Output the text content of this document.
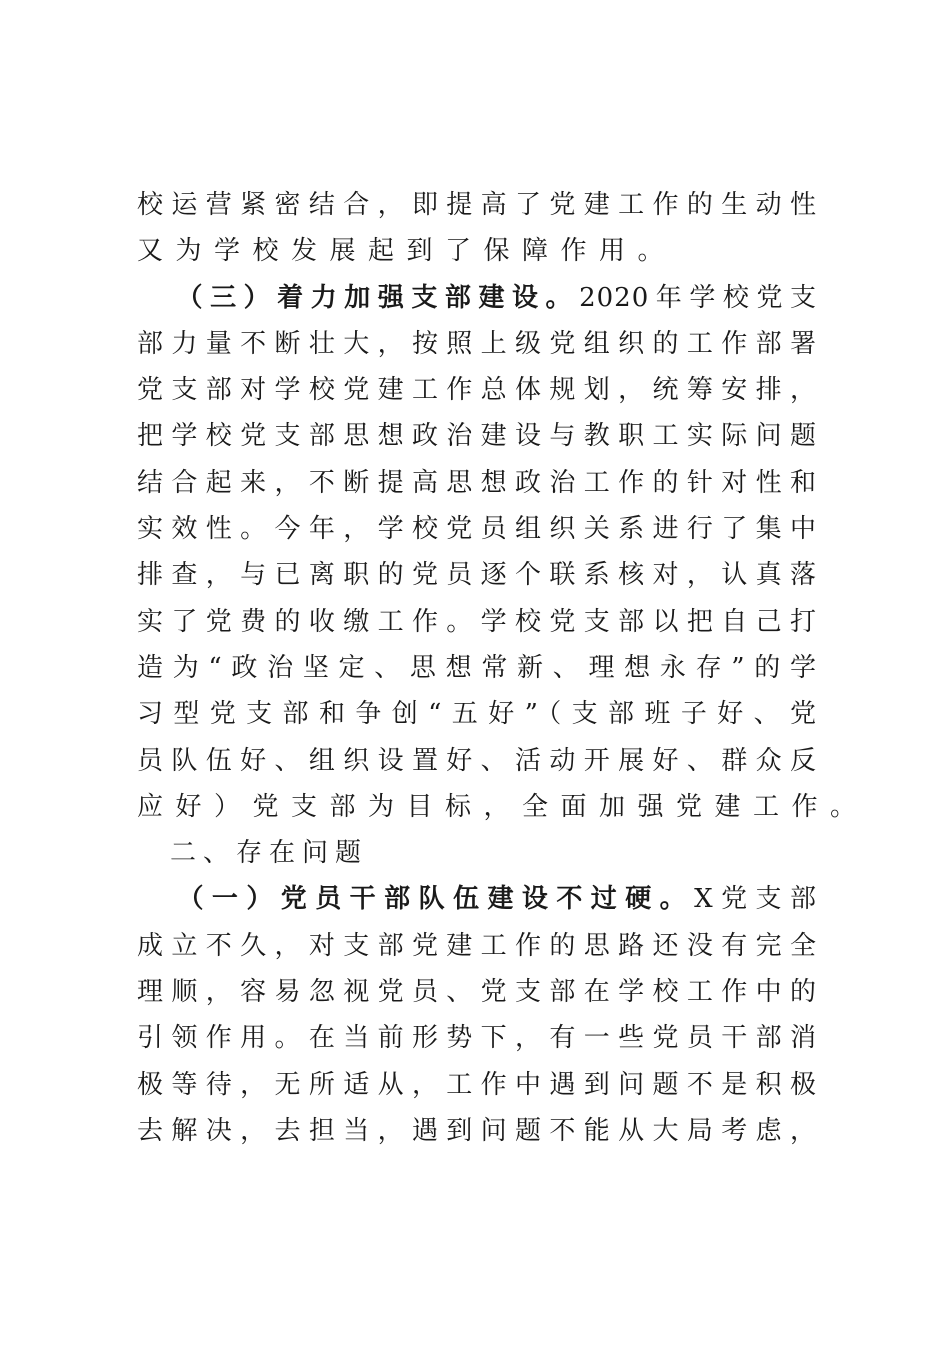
校运营紧密结合，即提高了党建工作的生动性
又为学校发展起到了保障作用。
（三）着力加强支部建设。2020年学校党支
部力量不断壮大，按照上级党组织的工作部署
党支部对学校党建工作总体规划，统筹安排，
把学校党支部思想政治建设与教职工实际问题
结合起来，不断提高思想政治工作的针对性和
实效性。今年，学校党员组织关系进行了集中
排查，与已离职的党员逐个联系核对，认真落
实了党费的收缴工作。学校党支部以把自己打
造为“政治坚定、思想常新、理想永存”的学
习型党支部和争创“五好”（支部班子好、党
员队伍好、组织设置好、活动开展好、群众反
应好）党支部为目标，全面加强党建工作。
二、存在问题
（一）党员干部队伍建设不过硬。X党支部
成立不久，对支部党建工作的思路还没有完全
理顺，容易忽视党员、党支部在学校工作中的
引领作用。在当前形势下，有一些党员干部消
极等待，无所适从，工作中遇到问题不是积极
去解决，去担当，遇到问题不能从大局考虑，
